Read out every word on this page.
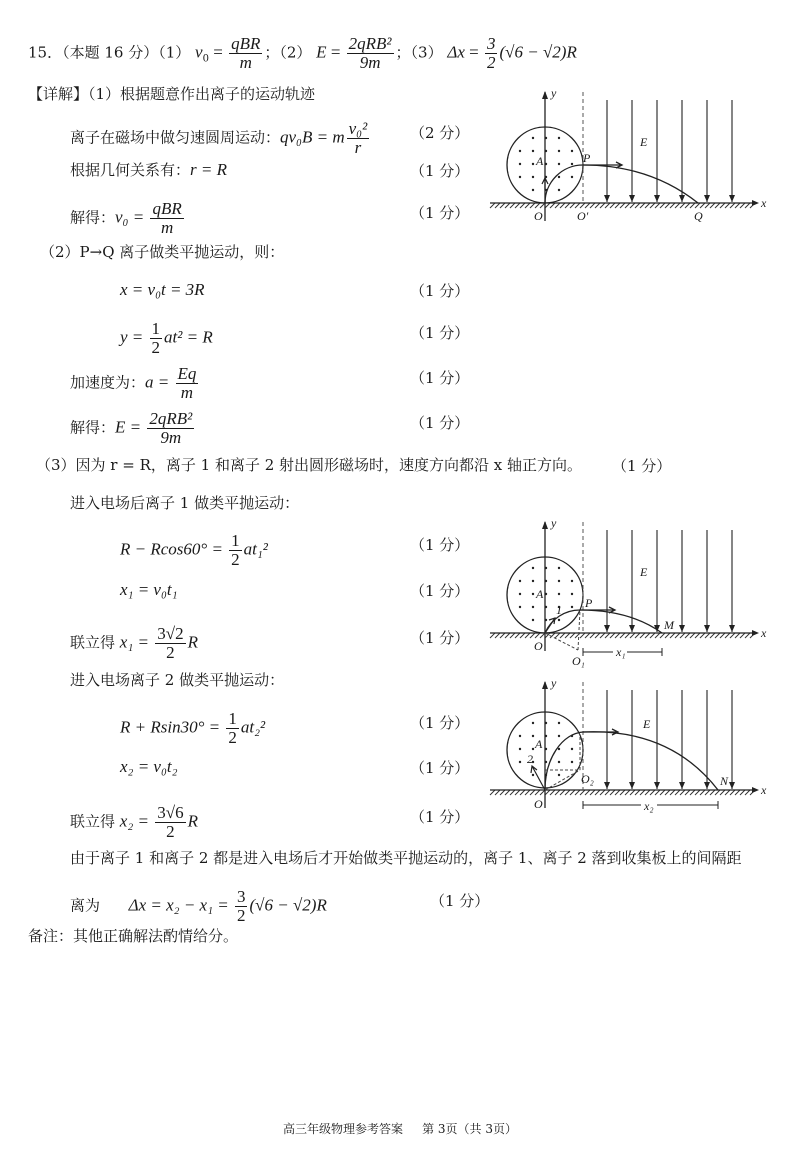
15．（本题 16 分）（1） $v_0 = \frac{\text{qBR}}{m}$ ；（2） $E = \frac{\text{2qRB²}}{9m}$ ；（3） $\Delta x = \frac{3}{2} (√6 - √2)R$
【详解】（1）根据题意作出离子的运动轨迹
离子在磁场中做匀速圆周运动：qv₀B = m $\frac{\text{v₀²}}{r}$	（2 分）
根据几何关系有：r = R	（1 分）
解得：$v_0 = \frac{\text{qBR}}{m}$	（1 分）
（2）P→Q 离子做类平抛运动，则：
x = v₀t = 3R	（1 分）
$y = \frac{1}{2} at^2 = R$	（1 分）
加速度为：$a = \frac{Eq}{m}$	（1 分）
解得：$E = \frac{\text{2qRB²}}{9m}$	（1 分）
（3）因为 r = R，离子 1 和离子 2 射出圆形磁场时，速度方向都沿 x 轴正方向。 （1 分）
进入电场后离子 1 做类平抛运动：
$R - Rcos60^\circ = \frac{1}{2} at_1^2$	（1 分）
x₁ = v₀t₁	（1 分）
联立得 $x_1 = \frac{3√2}{2}$ R	（1 分）
进入电场离子 2 做类平抛运动：
$R + Rsin30^\circ = \frac{1}{2} at_2^2$	（1 分）
x₂ = v₀t₂	（1 分）
联立得 $x_2 = \frac{3√6}{2}$ R	（1 分）
由于离子 1 和离子 2 都是进入电场后才开始做类平抛运动的，离子 1、离子 2 落到收集板上的间隔距
离为 $\Delta x = x_2 - x_1 = \frac{3}{2} (√6 - √2)R$	（1 分）
备注：其他正确解法酌情给分。
y
x
E
A	P
O	O′	Q
x₁
y
x
E
A
1 P
O
O₁
M
x₂
y
x
E
A
2
O
O₂	N
高三年级物理参考答案 第 3页（共 3页）
